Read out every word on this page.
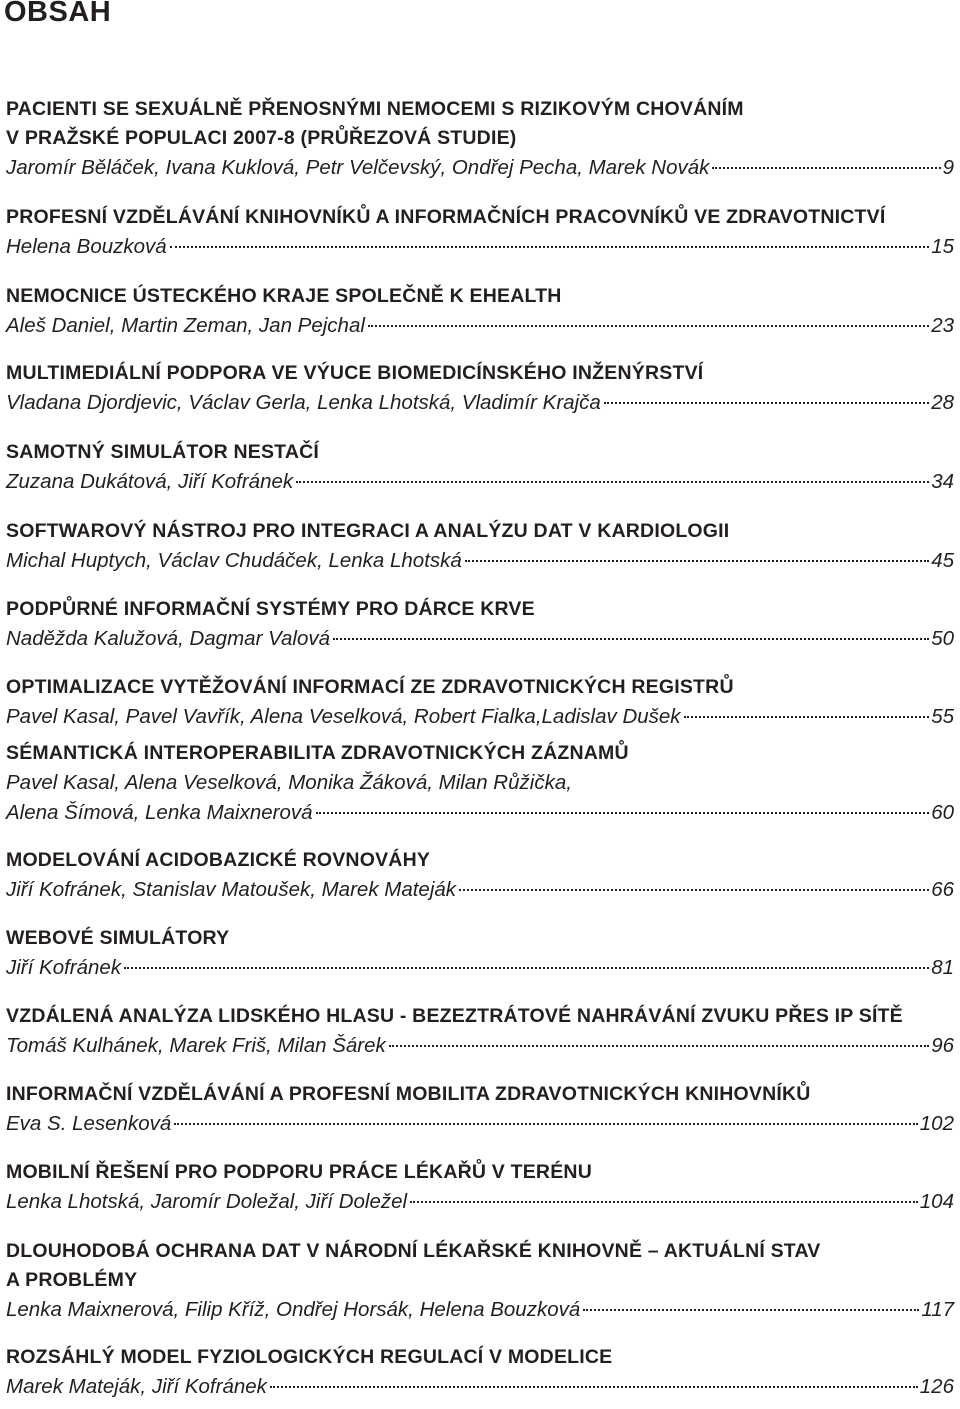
OBSAH
PACIENTI SE SEXUÁLNĚ PŘENOSNÝMI NEMOCEMI S RIZIKOVÝM CHOVÁNÍM
V PRAŽSKÉ POPULACI 2007-8 (PRŮŘEZOVÁ STUDIE)
Jaromír Běláček, Ivana Kuklová, Petr Velčevský, Ondřej Pecha, Marek Novák	9
PROFESNÍ VZDĚLÁVÁNÍ KNIHOVNÍKŮ A INFORMAČNÍCH PRACOVNÍKŮ VE ZDRAVOTNICTVÍ
Helena Bouzková	15
NEMOCNICE ÚSTECKÉHO KRAJE SPOLEČNĚ K EHEALTH
Aleš Daniel, Martin Zeman, Jan Pejchal	23
MULTIMEDIÁLNÍ PODPORA VE VÝUCE BIOMEDICÍNSKÉHO INŽENÝRSTVÍ
Vladana Djordjevic, Václav Gerla, Lenka Lhotská, Vladimír Krajča	28
SAMOTNÝ SIMULÁTOR NESTAČÍ
Zuzana Dukátová, Jiří Kofránek	34
SOFTWAROVÝ NÁSTROJ PRO INTEGRACI A ANALÝZU DAT V KARDIOLOGII
Michal Huptych, Václav Chudáček, Lenka Lhotská	45
PODPŮRNÉ INFORMAČNÍ SYSTÉMY PRO DÁRCE KRVE
Naděžda Kalužová, Dagmar Valová	50
OPTIMALIZACE VYTĚŽOVÁNÍ INFORMACÍ ZE ZDRAVOTNICKÝCH REGISTRŮ
Pavel Kasal, Pavel Vavřík, Alena Veselková, Robert Fialka,Ladislav Dušek	55
SÉMANTICKÁ INTEROPERABILITA ZDRAVOTNICKÝCH ZÁZNAMŮ
Pavel Kasal, Alena Veselková, Monika Žáková, Milan Růžička,
Alena Šímová, Lenka Maixnerová	60
MODELOVÁNÍ ACIDOBAZICKÉ ROVNOVÁHY
Jiří Kofránek, Stanislav Matoušek, Marek Mateják	66
WEBOVÉ SIMULÁTORY
Jiří Kofránek	81
VZDÁLENÁ ANALÝZA LIDSKÉHO HLASU - BEZEZTRÁTOVÉ NAHRÁVÁNÍ ZVUKU PŘES IP SÍTĚ
Tomáš Kulhánek, Marek Friš, Milan Šárek	96
INFORMAČNÍ VZDĚLÁVÁNÍ A PROFESNÍ MOBILITA ZDRAVOTNICKÝCH KNIHOVNÍKŮ
Eva S. Lesenková	102
MOBILNÍ ŘEŠENÍ PRO PODPORU PRÁCE LÉKAŘŮ V TERÉNU
Lenka Lhotská, Jaromír Doležal, Jiří Doležel	104
DLOUHODOBÁ OCHRANA DAT V NÁRODNÍ LÉKAŘSKÉ KNIHOVNĚ – AKTUÁLNÍ STAV
A PROBLÉMY
Lenka Maixnerová, Filip Kříž, Ondřej Horsák, Helena Bouzková	117
ROZSÁHLÝ MODEL FYZIOLOGICKÝCH REGULACÍ V MODELICE
Marek Mateják, Jiří Kofránek	126
